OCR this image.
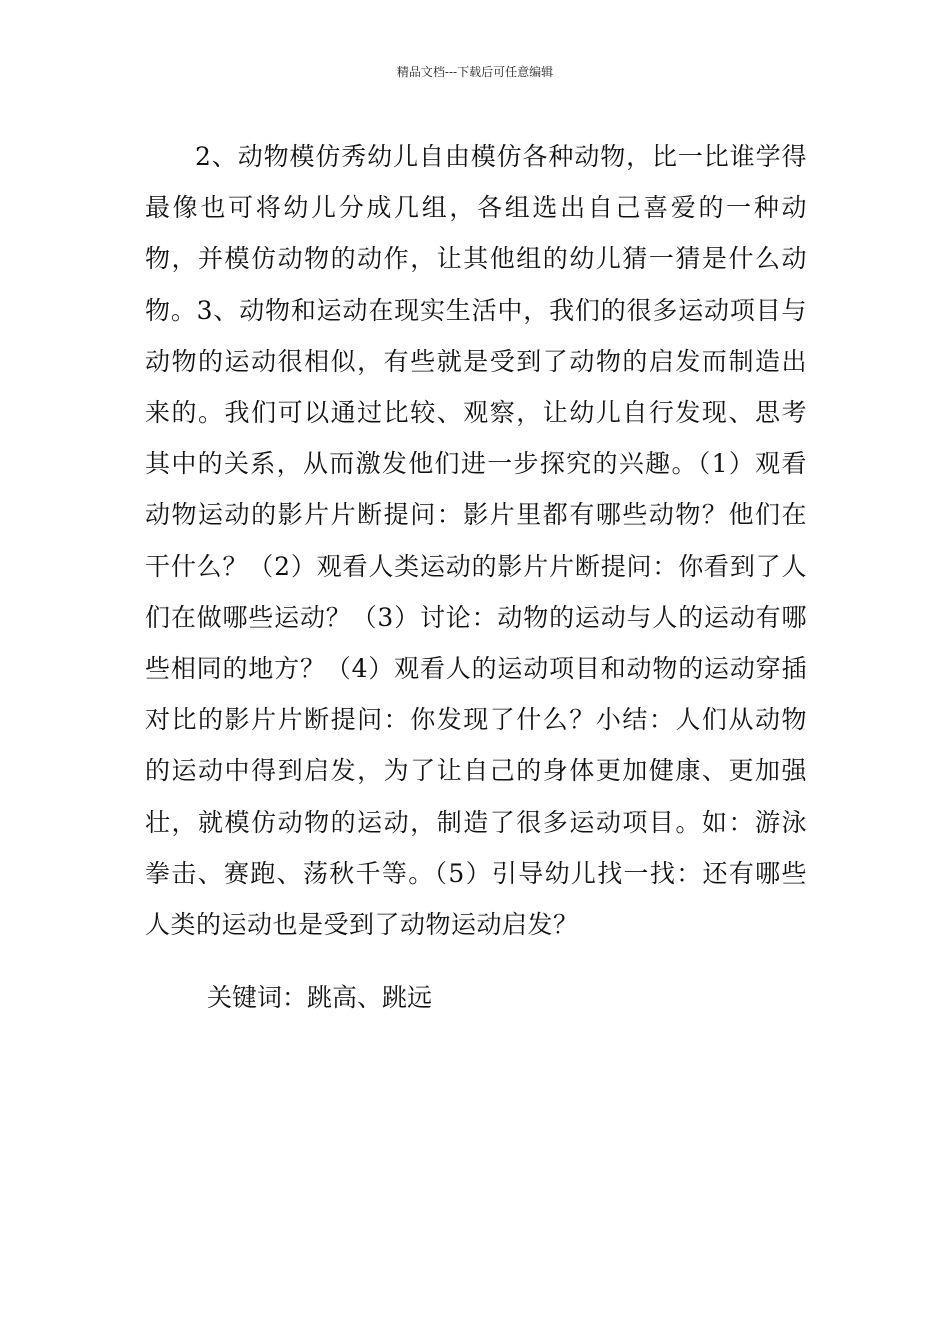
精品文档---下载后可任意编辑

2、动物模仿秀幼儿自由模仿各种动物，比一比谁学得最像也可将幼儿分成几组，各组选出自己喜爱的一种动物，并模仿动物的动作，让其他组的幼儿猜一猜是什么动物。3、动物和运动在现实生活中，我们的很多运动项目与动物的运动很相似，有些就是受到了动物的启发而制造出来的。我们可以通过比较、观察，让幼儿自行发现、思考其中的关系，从而激发他们进一步探究的兴趣。（1）观看动物运动的影片片断提问：影片里都有哪些动物？他们在干什么？（2）观看人类运动的影片片断提问：你看到了人们在做哪些运动？（3）讨论：动物的运动与人的运动有哪些相同的地方？（4）观看人的运动项目和动物的运动穿插对比的影片片断提问：你发现了什么？小结：人们从动物的运动中得到启发，为了让自己的身体更加健康、更加强壮，就模仿动物的运动，制造了很多运动项目。如：游泳拳击、赛跑、荡秋千等。（5）引导幼儿找一找：还有哪些人类的运动也是受到了动物运动启发？

关键词：跳高、跳远
